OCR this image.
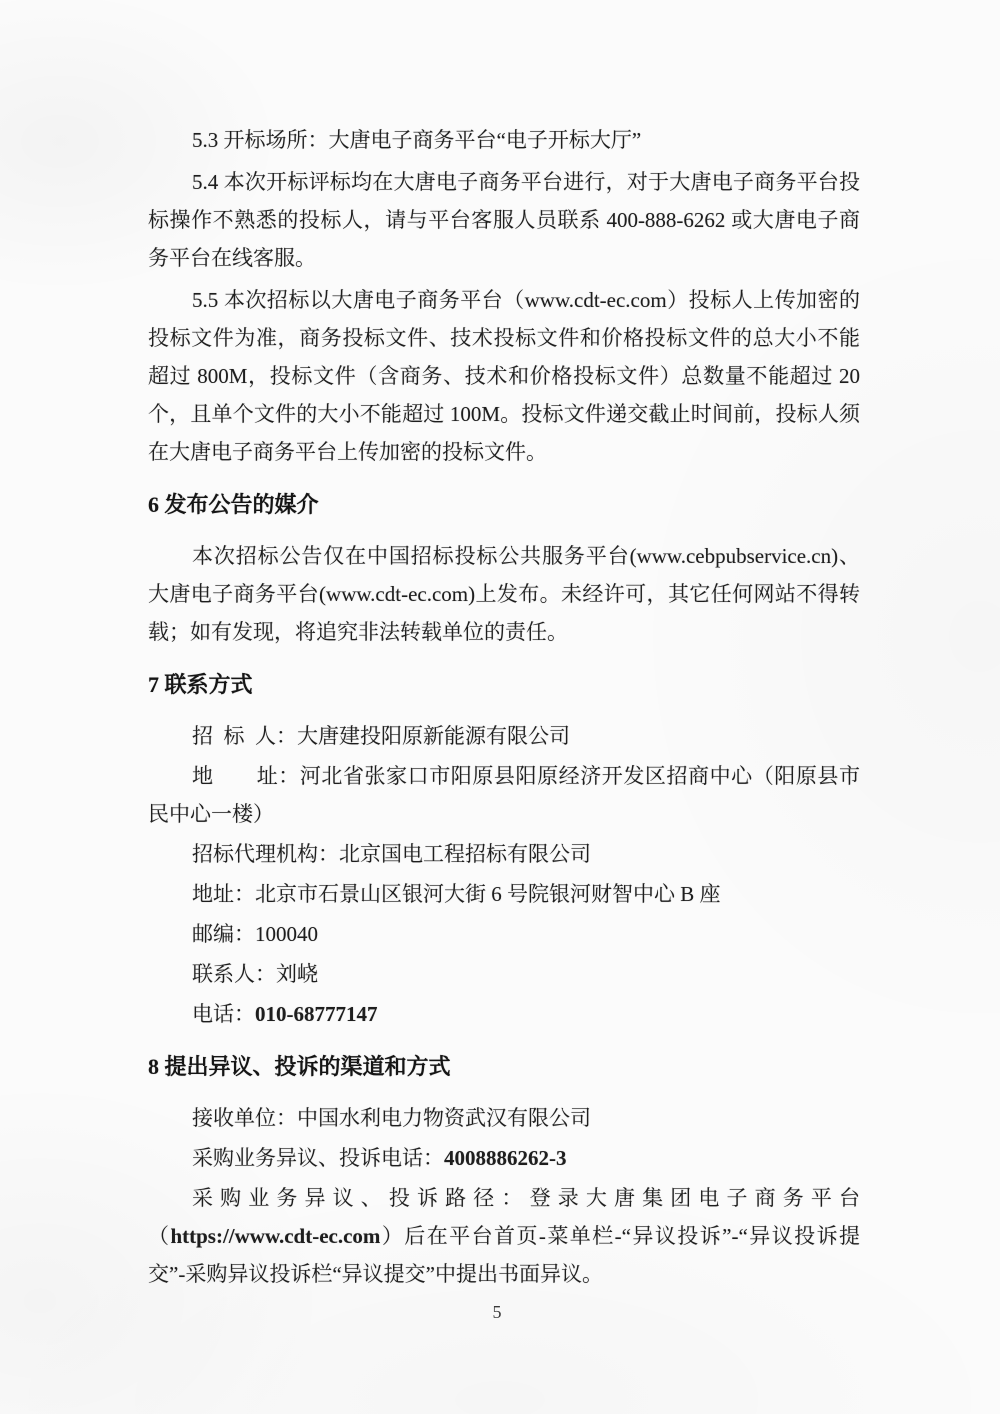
5.3 开标场所：大唐电子商务平台“电子开标大厅”

5.4 本次开标评标均在大唐电子商务平台进行，对于大唐电子商务平台投标操作不熟悉的投标人，请与平台客服人员联系 400-888-6262 或大唐电子商务平台在线客服。

5.5 本次招标以大唐电子商务平台（www.cdt-ec.com）投标人上传加密的投标文件为准，商务投标文件、技术投标文件和价格投标文件的总大小不能超过 800M，投标文件（含商务、技术和价格投标文件）总数量不能超过 20 个，且单个文件的大小不能超过 100M。投标文件递交截止时间前，投标人须在大唐电子商务平台上传加密的投标文件。

6 发布公告的媒介

本次招标公告仅在中国招标投标公共服务平台(www.cebpubservice.cn)、大唐电子商务平台(www.cdt-ec.com)上发布。未经许可，其它任何网站不得转载；如有发现，将追究非法转载单位的责任。

7 联系方式

招 标 人：大唐建投阳原新能源有限公司

地　　址：河北省张家口市阳原县阳原经济开发区招商中心（阳原县市民中心一楼）

招标代理机构：北京国电工程招标有限公司

地址：北京市石景山区银河大街 6 号院银河财智中心 B 座

邮编：100040

联系人：刘峣

电话：010-68777147

8 提出异议、投诉的渠道和方式

接收单位：中国水利电力物资武汉有限公司

采购业务异议、投诉电话：4008886262-3

采购业务异议、投诉路径：登录大唐集团电子商务平台（https://www.cdt-ec.com）后在平台首页-菜单栏-“异议投诉”-“异议投诉提交”-采购异议投诉栏“异议提交”中提出书面异议。

5
